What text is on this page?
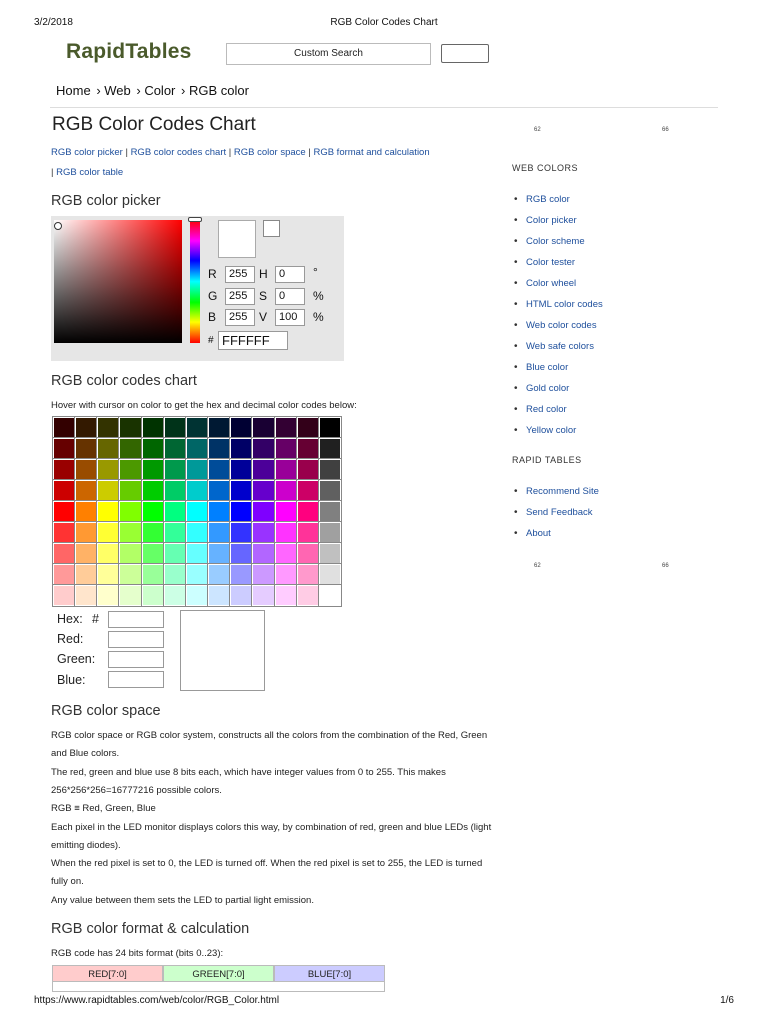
3/2/2018	RGB Color Codes Chart
RapidTables	Custom Search
Home › Web › Color › RGB color
RGB Color Codes Chart
RGB color picker | RGB color codes chart | RGB color space | RGB format and calculation
| RGB color table
RGB color picker
R	255 H	0	°
G	255 S	0	%
B	255 V	100	%
# FFFFFF
RGB color codes chart
Hover with cursor on color to get the hex and decimal color codes below:
Hex: #
Red:
Green:
Blue:
RGB color space
RGB color space or RGB color system, constructs all the colors from the combination of the Red, Green and Blue colors.
The red, green and blue use 8 bits each, which have integer values from 0 to 255. This makes 256*256*256=16777216 possible colors.
RGB ≡ Red, Green, Blue
Each pixel in the LED monitor displays colors this way, by combination of red, green and blue LEDs (light emitting diodes).
When the red pixel is set to 0, the LED is turned off. When the red pixel is set to 255, the LED is turned fully on.
Any value between them sets the LED to partial light emission.
RGB color format & calculation
RGB code has 24 bits format (bits 0..23):
RED[7:0]	GREEN[7:0]	BLUE[7:0]
62	66
WEB COLORS
• RGB color
• Color picker
• Color scheme
• Color tester
• Color wheel
• HTML color codes
• Web color codes
• Web safe colors
• Blue color
• Gold color
• Red color
• Yellow color
RAPID TABLES
• Recommend Site
• Send Feedback
• About
62	66
https://www.rapidtables.com/web/color/RGB_Color.html	1/6
